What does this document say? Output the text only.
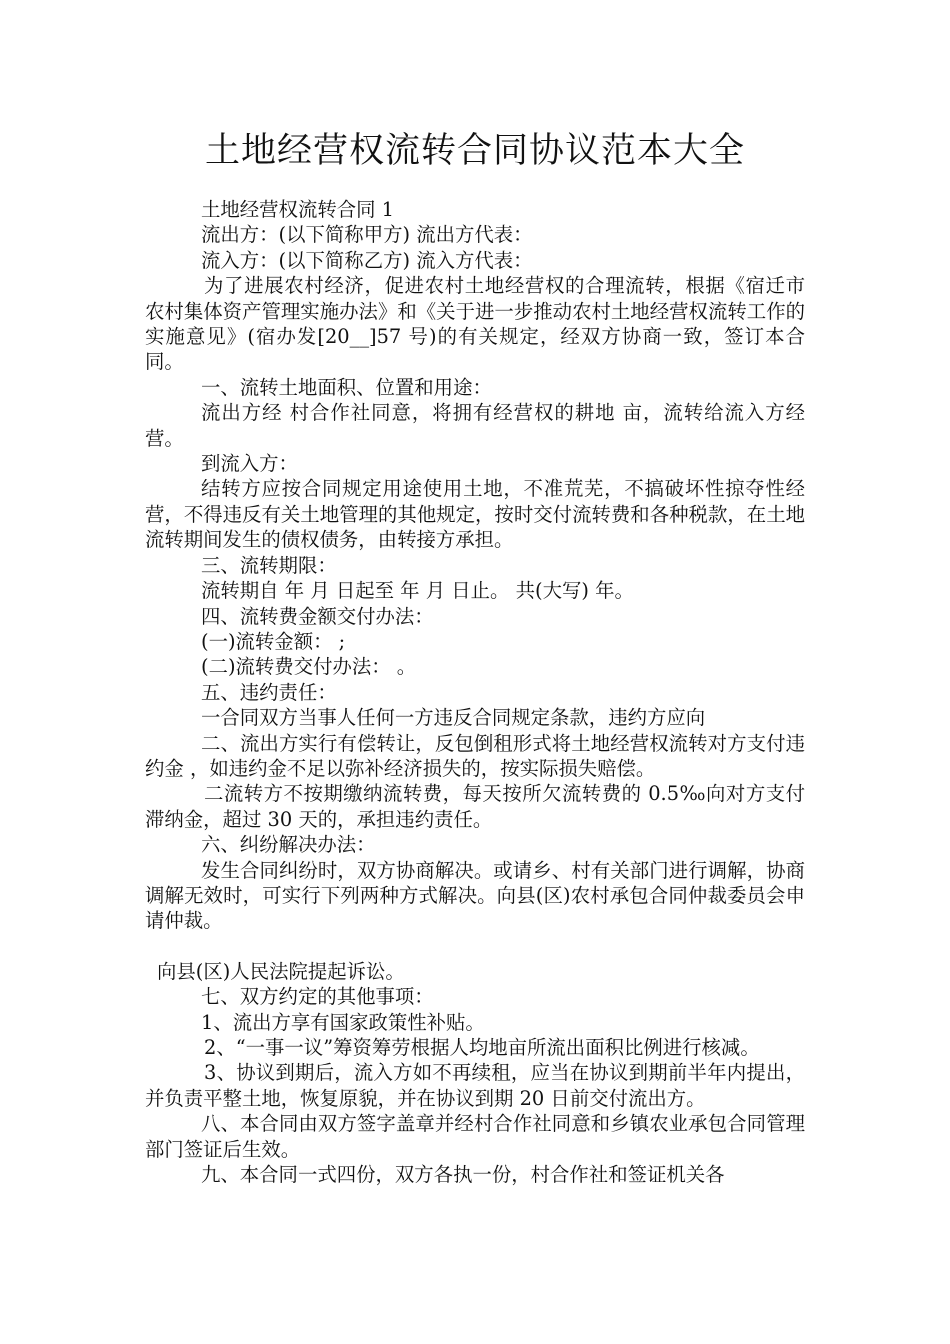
土地经营权流转合同协议范本大全

土地经营权流转合同 1

流出方：(以下简称甲方) 流出方代表：

流入方：(以下简称乙方) 流入方代表：

为了进展农村经济，促进农村土地经营权的合理流转，根据《宿迁市农村集体资产管理实施办法》和《关于进一步推动农村土地经营权流转工作的实施意见》(宿办发[20__]57 号)的有关规定，经双方协商一致，签订本合同。

一、流转土地面积、位置和用途：

流出方经 村合作社同意，将拥有经营权的耕地 亩，流转给流入方经营。

到流入方：

结转方应按合同规定用途使用土地，不准荒芜，不搞破坏性掠夺性经营，不得违反有关土地管理的其他规定，按时交付流转费和各种税款，在土地流转期间发生的债权债务，由转接方承担。

三、流转期限：

流转期自 年 月 日起至 年 月 日止。 共(大写) 年。

四、流转费金额交付办法：

(一)流转金额： ;

(二)流转费交付办法： 。

五、违约责任：

一合同双方当事人任何一方违反合同规定条款，违约方应向

二、流出方实行有偿转让，反包倒租形式将土地经营权流转对方支付违约金 ，如违约金不足以弥补经济损失的，按实际损失赔偿。

二流转方不按期缴纳流转费，每天按所欠流转费的 0.5‰向对方支付滞纳金，超过 30 天的，承担违约责任。

六、纠纷解决办法：

发生合同纠纷时，双方协商解决。或请乡、村有关部门进行调解，协商调解无效时，可实行下列两种方式解决。向县(区)农村承包合同仲裁委员会申请仲裁。

向县(区)人民法院提起诉讼。

七、双方约定的其他事项：

1、流出方享有国家政策性补贴。

2、“一事一议”筹资筹劳根据人均地亩所流出面积比例进行核减。

3、协议到期后，流入方如不再续租，应当在协议到期前半年内提出，并负责平整土地，恢复原貌，并在协议到期 20 日前交付流出方。

八、本合同由双方签字盖章并经村合作社同意和乡镇农业承包合同管理部门签证后生效。

九、本合同一式四份，双方各执一份，村合作社和签证机关各
